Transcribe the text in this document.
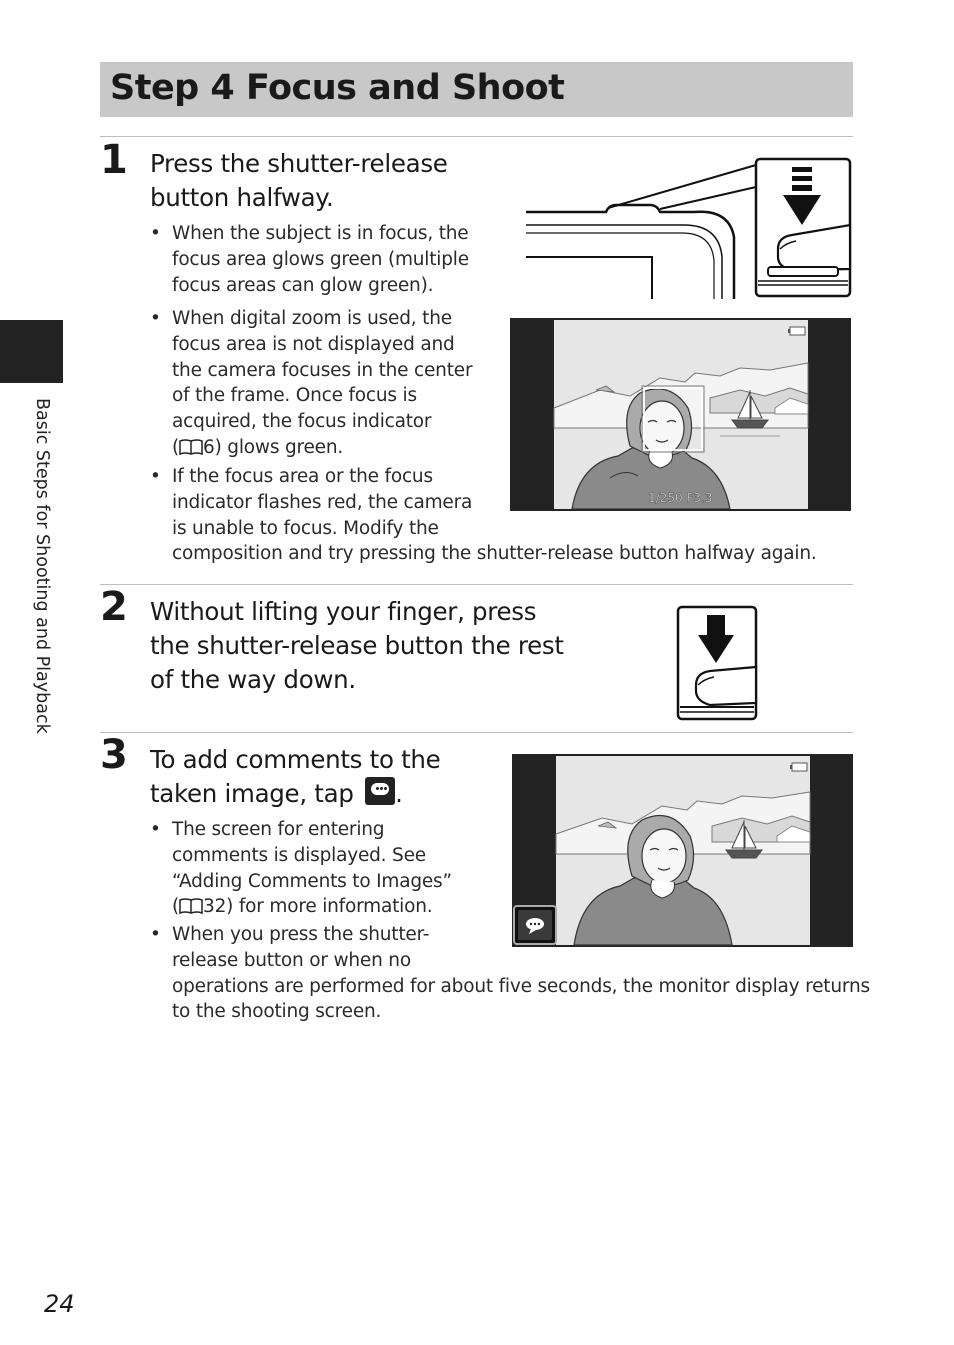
Step 4 Focus and Shoot
Basic Steps for Shooting and Playback
1 Press the shutter-release
button halfway.
• When the subject is in focus, the
focus area glows green (multiple
focus areas can glow green).
• When digital zoom is used, the
focus area is not displayed and
the camera focuses in the center
of the frame. Once focus is
acquired, the focus indicator
( 6) glows green.
• If the focus area or the focus
indicator flashes red, the camera
is unable to focus. Modify the
composition and try pressing the shutter-release button halfway again.
1/250 F3.3
2 Without lifting your finger, press
the shutter-release button the rest
of the way down.
3 To add comments to the
taken image, tap .
• The screen for entering
comments is displayed. See
“Adding Comments to Images”
( 32) for more information.
• When you press the shutter-
release button or when no
operations are performed for about five seconds, the monitor display returns
to the shooting screen.
24
